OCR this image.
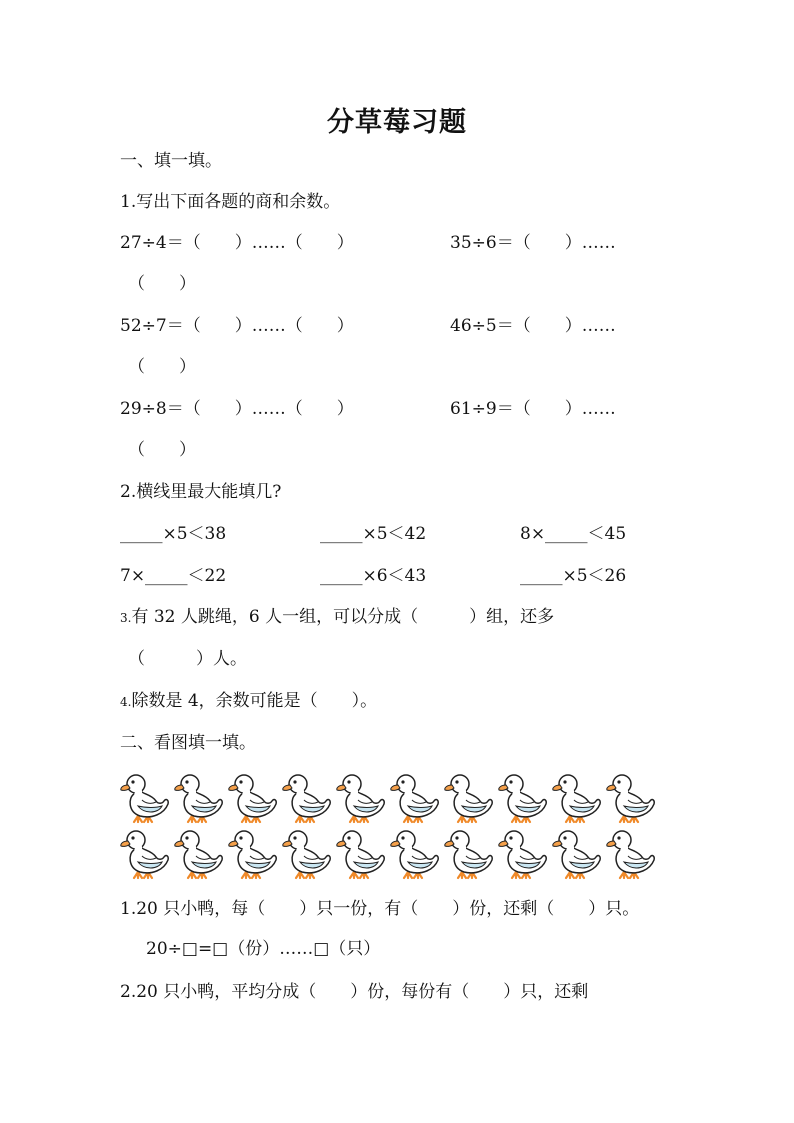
分草莓习题
一、填一填。
1.写出下面各题的商和余数。
27÷4＝（　　）……（　　）	35÷6＝（　　）……
（　　）
52÷7＝（　　）……（　　）	46÷5＝（　　）……
（　　）
29÷8＝（　　）……（　　）	61÷9＝（　　）……
（　　）
2.横线里最大能填几?
_____×5＜38	_____×5＜42	8×_____＜45
7×_____＜22	_____×6＜43	_____×5＜26
3.有 32 人跳绳，6 人一组，可以分成（　　　）组，还多
（　　　）人。
4.除数是 4，余数可能是（　　）。
二、看图填一填。
1.20 只小鸭，每（　　）只一份，有（　　）份，还剩（　　）只。
20÷□=□（份）……□（只）
2.20 只小鸭，平均分成（　　）份，每份有（　　）只，还剩
